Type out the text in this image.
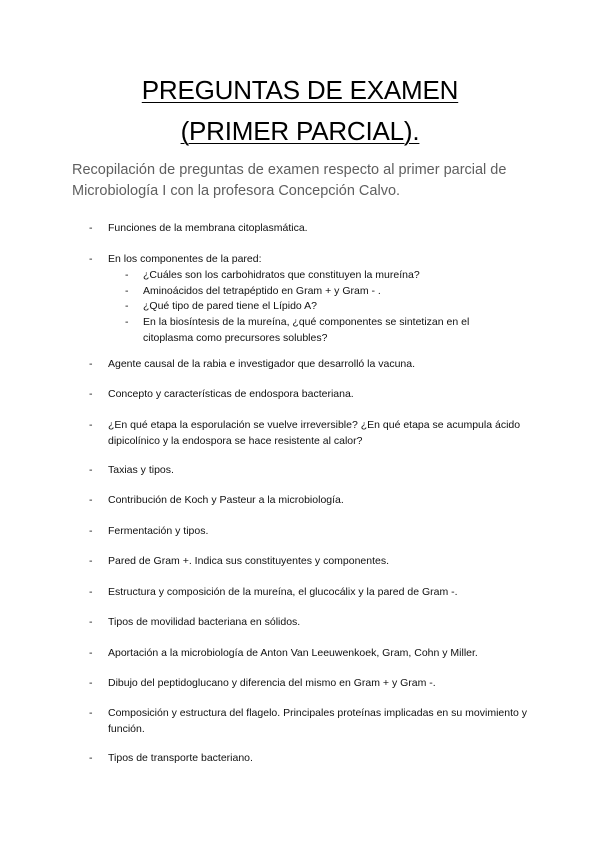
PREGUNTAS DE EXAMEN
(PRIMER PARCIAL).
Recopilación de preguntas de examen respecto al primer parcial de Microbiología I con la profesora Concepción Calvo.
- Funciones de la membrana citoplasmática.
- En los componentes de la pared:
- ¿Cuáles son los carbohidratos que constituyen la mureína?
- Aminoácidos del tetrapéptido en Gram + y Gram - .
- ¿Qué tipo de pared tiene el Lípido A?
- En la biosíntesis de la mureína, ¿qué componentes se sintetizan en el citoplasma como precursores solubles?
- Agente causal de la rabia e investigador que desarrolló la vacuna.
- Concepto y características de endospora bacteriana.
- ¿En qué etapa la esporulación se vuelve irreversible? ¿En qué etapa se acumpula ácido dipicolínico y la endospora se hace resistente al calor?
- Taxias y tipos.
- Contribución de Koch y Pasteur a la microbiología.
- Fermentación y tipos.
- Pared de Gram +. Indica sus constituyentes y componentes.
- Estructura y composición de la mureína, el glucocálix y la pared de Gram -.
- Tipos de movilidad bacteriana en sólidos.
- Aportación a la microbiología de Anton Van Leeuwenkoek, Gram, Cohn y Miller.
- Dibujo del peptidoglucano y diferencia del mismo en Gram + y Gram -.
- Composición y estructura del flagelo. Principales proteínas implicadas en su movimiento y función.
- Tipos de transporte bacteriano.
